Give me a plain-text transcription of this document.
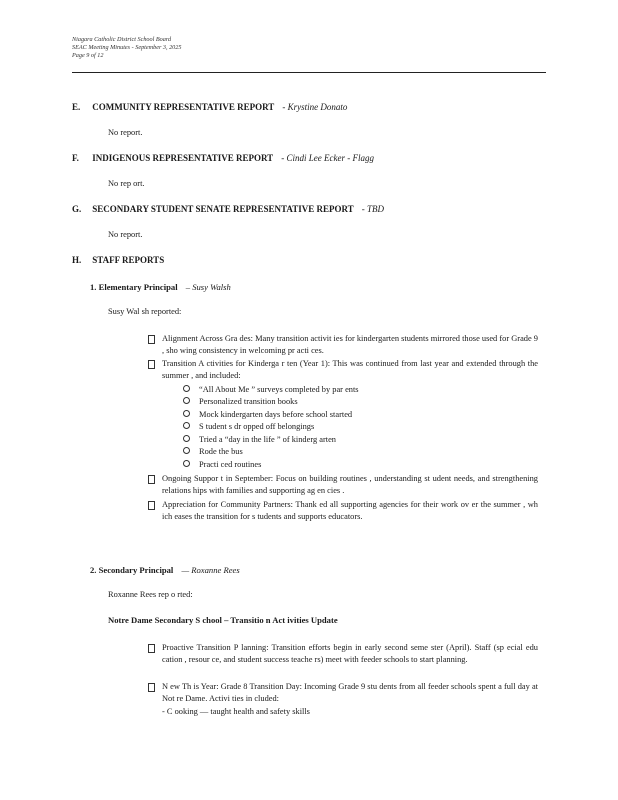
Niagara Catholic District School Board
SEAC Meeting Minutes - September 3, 2025
Page 9 of 12
E. COMMUNITY REPRESENTATIVE REPORT - Krystine Donato
No report.
F. INDIGENOUS REPRESENTATIVE REPORT - Cindi Lee Ecker - Flagg
No rep ort.
G. SECONDARY STUDENT SENATE REPRESENTATIVE REPORT - TBD
No report.
H. STAFF REPORTS
1. Elementary Principal – Susy Walsh
Susy Wal sh reported:
Alignment Across Gra des: Many transition activit ies for kindergarten students mirrored those used for Grade 9 , sho wing consistency in welcoming pr acti ces.
Transition A ctivities for Kinderga r ten (Year 1): This was continued from last year and extended through the summer , and included:
“All About Me ” surveys completed by par ents
Personalized transition books
Mock kindergarten days before school started
S tudent s dr opped off belongings
Tried a “day in the life ” of kinderg arten
Rode the bus
Practi ced routines
Ongoing Suppor t in September: Focus on building routines , understanding st udent needs, and strengthening relations hips with families and supporting ag en cies .
Appreciation for Community Partners: Thank ed all supporting agencies for their work ov er the summer , wh ich eases the transition for s tudents and supports educators.
2. Secondary Principal — Roxanne Rees
Roxanne Rees rep o rted:
Notre Dame Secondary S chool – Transitio n Act ivities Update
Proactive Transition P lanning: Transition efforts begin in early second seme ster (April). Staff (sp ecial edu cation , resour ce, and student success teache rs) meet with feeder schools to start planning.
N ew Th is Year: Grade 8 Transition Day: Incoming Grade 9 stu dents from all feeder schools spent a full day at Not re Dame. Activi ties in cluded:
- C ooking — taught health and safety skills
